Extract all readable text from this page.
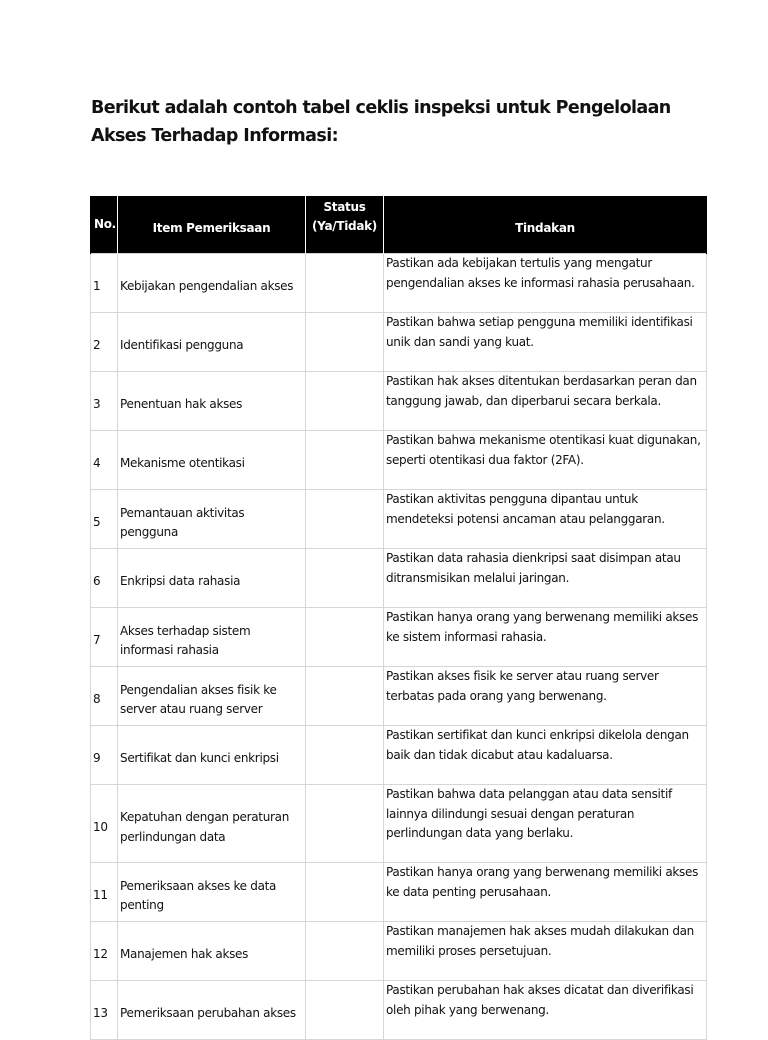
Berikut adalah contoh tabel ceklis inspeksi untuk Pengelolaan Akses Terhadap Informasi:
No.	Item Pemeriksaan	Status (Ya/Tidak)	Tindakan
1	Kebijakan pengendalian akses		Pastikan ada kebijakan tertulis yang mengatur pengendalian akses ke informasi rahasia perusahaan.
2	Identifikasi pengguna		Pastikan bahwa setiap pengguna memiliki identifikasi unik dan sandi yang kuat.
3	Penentuan hak akses		Pastikan hak akses ditentukan berdasarkan peran dan tanggung jawab, dan diperbarui secara berkala.
4	Mekanisme otentikasi		Pastikan bahwa mekanisme otentikasi kuat digunakan, seperti otentikasi dua faktor (2FA).
5	Pemantauan aktivitas pengguna		Pastikan aktivitas pengguna dipantau untuk mendeteksi potensi ancaman atau pelanggaran.
6	Enkripsi data rahasia		Pastikan data rahasia dienkripsi saat disimpan atau ditransmisikan melalui jaringan.
7	Akses terhadap sistem informasi rahasia		Pastikan hanya orang yang berwenang memiliki akses ke sistem informasi rahasia.
8	Pengendalian akses fisik ke server atau ruang server		Pastikan akses fisik ke server atau ruang server terbatas pada orang yang berwenang.
9	Sertifikat dan kunci enkripsi		Pastikan sertifikat dan kunci enkripsi dikelola dengan baik dan tidak dicabut atau kadaluarsa.
10	Kepatuhan dengan peraturan perlindungan data		Pastikan bahwa data pelanggan atau data sensitif lainnya dilindungi sesuai dengan peraturan perlindungan data yang berlaku.
11	Pemeriksaan akses ke data penting		Pastikan hanya orang yang berwenang memiliki akses ke data penting perusahaan.
12	Manajemen hak akses		Pastikan manajemen hak akses mudah dilakukan dan memiliki proses persetujuan.
13	Pemeriksaan perubahan akses		Pastikan perubahan hak akses dicatat dan diverifikasi oleh pihak yang berwenang.
